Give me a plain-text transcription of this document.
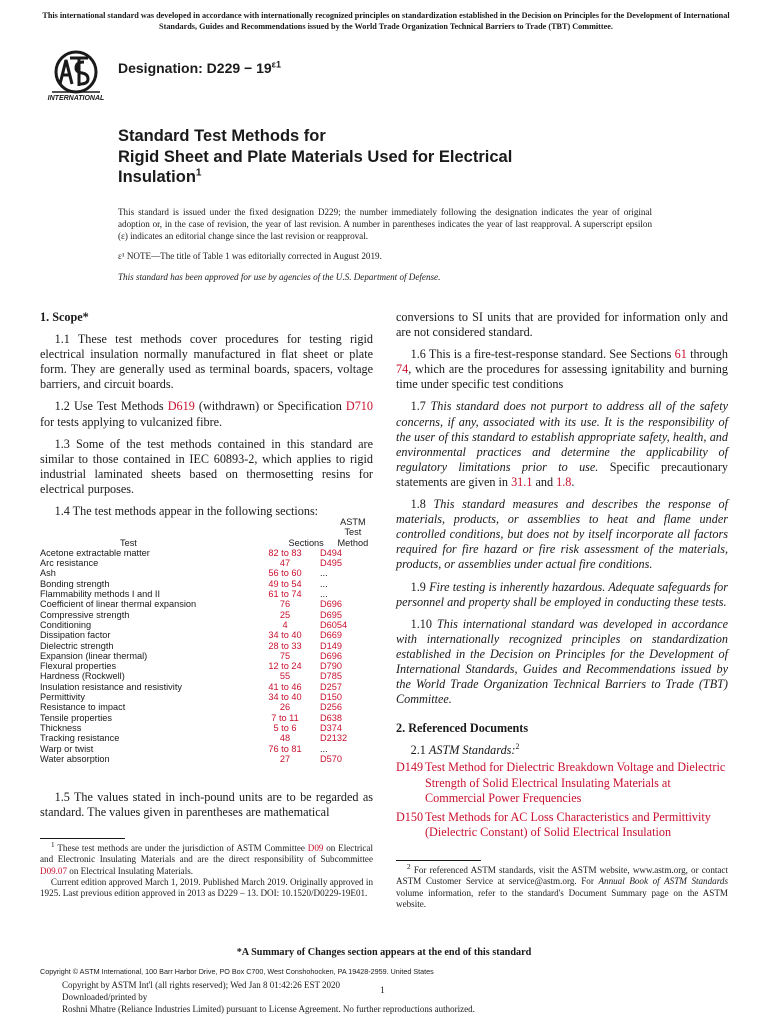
This international standard was developed in accordance with internationally recognized principles on standardization established in the Decision on Principles for the Development of International Standards, Guides and Recommendations issued by the World Trade Organization Technical Barriers to Trade (TBT) Committee.
INTERNATIONAL
Designation: $D229 - 19^{\varepsilon 1}$
Standard Test Methods for
Rigid Sheet and Plate Materials Used for Electrical
Insulation$^1$
This standard is issued under the fixed designation D229; the number immediately following the designation indicates the year of original adoption or, in the case of revision, the year of last revision. A number in parentheses indicates the year of last reapproval. A superscript epsilon (ε) indicates an editorial change since the last revision or reapproval.
ε¹ NOTE—The title of Table 1 was editorially corrected in August 2019.
This standard has been approved for use by agencies of the U.S. Department of Defense.
1. Scope*

1.1 These test methods cover procedures for testing rigid electrical insulation normally manufactured in flat sheet or plate form. They are generally used as terminal boards, spacers, voltage barriers, and circuit boards.

1.2 Use Test Methods D619 (withdrawn) or Specification D710 for tests applying to vulcanized fibre.

1.3 Some of the test methods contained in this standard are similar to those contained in IEC 60893-2, which applies to rigid industrial laminated sheets based on thermosetting resins for electrical purposes.

1.4 The test methods appear in the following sections:

Test	Sections
ASTM
Test
Method
Acetone extractable matter	82 to 83	D494
Arc resistance	47	D495
Ash	56 to 60	...
Bonding strength	49 to 54	...
Flammability methods I and II	61 to 74	...
Coefficient of linear thermal expansion	76	D696
Compressive strength	25	D695
Conditioning	4	D6054
Dissipation factor	34 to 40	D669
Dielectric strength	28 to 33	D149
Expansion (linear thermal)	75	D696
Flexural properties	12 to 24	D790
Hardness (Rockwell)	55	D785
Insulation resistance and resistivity	41 to 46	D257
Permittivity	34 to 40	D150
Resistance to impact	26	D256
Tensile properties	7 to 11	D638
Thickness	5 to 6	D374
Tracking resistance	48	D2132
Warp or twist	76 to 81	...
Water absorption	27	D570

1.5 The values stated in inch-pound units are to be regarded as standard. The values given in parentheses are mathematical

conversions to SI units that are provided for information only and are not considered standard.

1.6 This is a fire-test-response standard. See Sections 61 through 74, which are the procedures for assessing ignitability and burning time under specific test conditions

1.7 This standard does not purport to address all of the safety concerns, if any, associated with its use. It is the responsibility of the user of this standard to establish appropriate safety, health, and environmental practices and determine the applicability of regulatory limitations prior to use. Specific precautionary statements are given in 31.1 and 1.8.

1.8 This standard measures and describes the response of materials, products, or assemblies to heat and flame under controlled conditions, but does not by itself incorporate all factors required for fire hazard or fire risk assessment of the materials, products, or assemblies under actual fire conditions.

1.9 Fire testing is inherently hazardous. Adequate safeguards for personnel and property shall be employed in conducting these tests.

1.10 This international standard was developed in accordance with internationally recognized principles on standardization established in the Decision on Principles for the Development of International Standards, Guides and Recommendations issued by the World Trade Organization Technical Barriers to Trade (TBT) Committee.

2. Referenced Documents

2.1 ASTM Standards:$^2$

D149 Test Method for Dielectric Breakdown Voltage and Dielectric Strength of Solid Electrical Insulating Materials at Commercial Power Frequencies
D150 Test Methods for AC Loss Characteristics and Permittivity (Dielectric Constant) of Solid Electrical Insulation

$^1$ These test methods are under the jurisdiction of ASTM Committee D09 on Electrical and Electronic Insulating Materials and are the direct responsibility of Subcommittee D09.07 on Electrical Insulating Materials.

Current edition approved March 1, 2019. Published March 2019. Originally approved in 1925. Last previous edition approved in 2013 as D229 – 13. DOI: 10.1520/D0229-19E01.

$^2$ For referenced ASTM standards, visit the ASTM website, www.astm.org, or contact ASTM Customer Service at service@astm.org. For Annual Book of ASTM Standards volume information, refer to the standard's Document Summary page on the ASTM website.

*A Summary of Changes section appears at the end of this standard
Copyright © ASTM International, 100 Barr Harbor Drive, PO Box C700, West Conshohocken, PA 19428-2959. United States
Copyright by ASTM Int'l (all rights reserved); Wed Jan 8 01:42:26 EST 2020
Downloaded/printed by
Roshni Mhatre (Reliance Industries Limited) pursuant to License Agreement. No further reproductions authorized.
1
